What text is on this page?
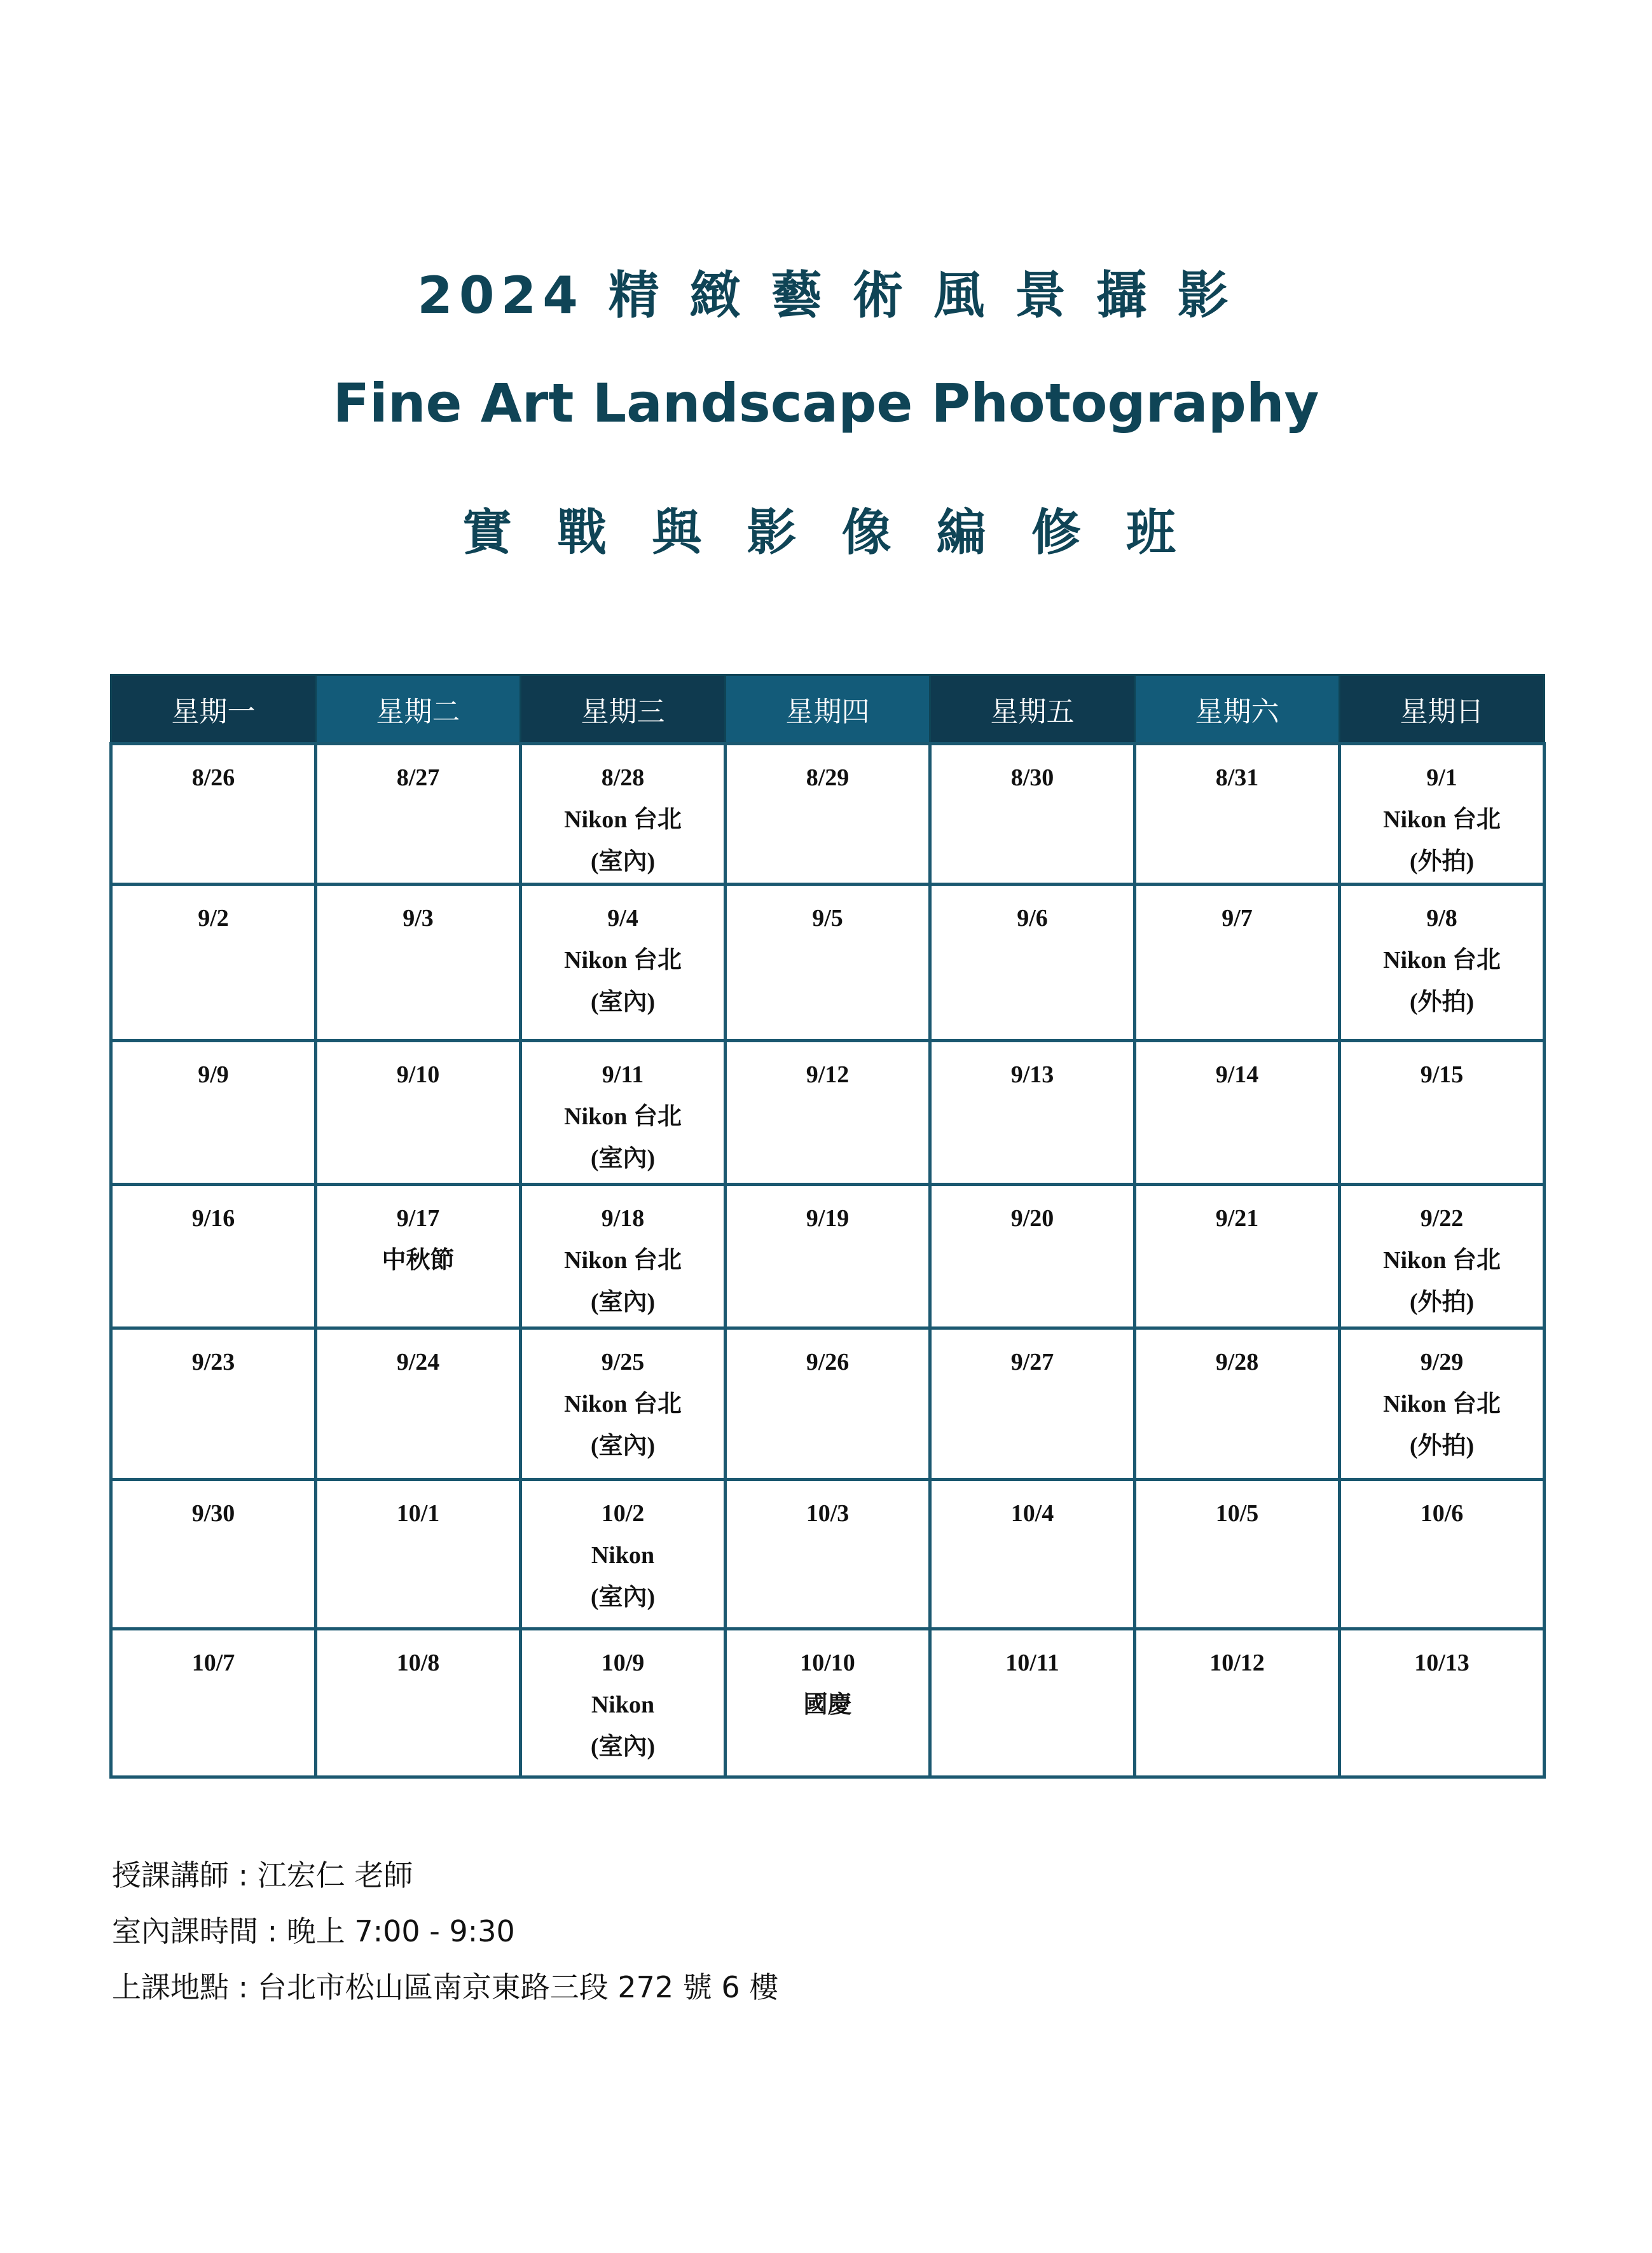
2024 精 緻 藝 術 風 景 攝 影
Fine Art Landscape Photography
實 戰 與 影 像 編 修 班
星期一	星期二	星期三	星期四	星期五	星期六	星期日

8/26	8/27	8/28
Nikon 台北
(室內)	8/29	8/30	8/31	9/1
Nikon 台北
(外拍)

9/2	9/3	9/4
Nikon 台北
(室內)	9/5	9/6	9/7	9/8
Nikon 台北
(外拍)

9/9	9/10	9/11
Nikon 台北
(室內)	9/12	9/13	9/14	9/15

9/16	9/17
中秋節	9/18
Nikon 台北
(室內)	9/19	9/20	9/21	9/22
Nikon 台北
(外拍)

9/23	9/24	9/25
Nikon 台北
(室內)	9/26	9/27	9/28	9/29
Nikon 台北
(外拍)

9/30	10/1	10/2
Nikon
(室內)	10/3	10/4	10/5	10/6

10/7	10/8	10/9
Nikon
(室內)	10/10
國慶	10/11	10/12	10/13
授課講師 : 江宏仁 老師
室內課時間 : 晚上 7:00 - 9:30
上課地點 : 台北市松山區南京東路三段 272 號 6 樓
